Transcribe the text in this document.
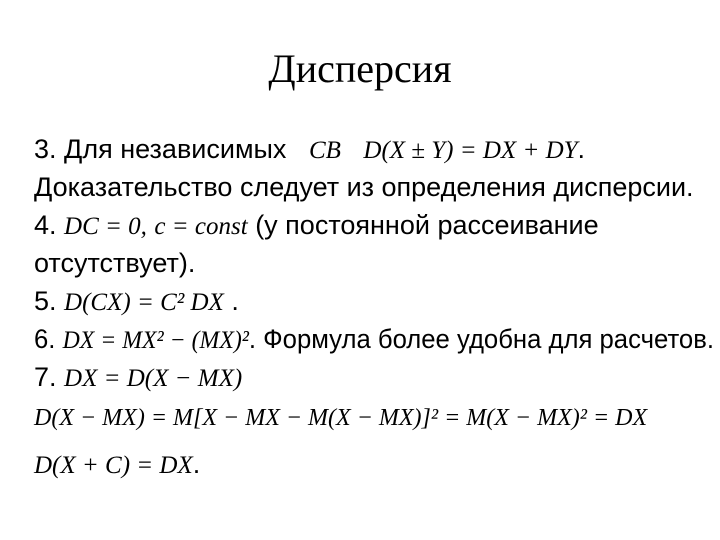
Дисперсия
3. Для независимых CB D(X ± Y) = DX + DY.
Доказательство следует из определения дисперсии.
4. DC = 0, c = const (у постоянной рассеивание
отсутствует).
5. D(CX) = C² DX .
6. DX = MX² − (MX)². Формула более удобна для расчетов.
7. DX = D(X − MX)
D(X − MX) = M[X − MX − M(X − MX)]² = M(X − MX)² = DX
D(X + C) = DX.
